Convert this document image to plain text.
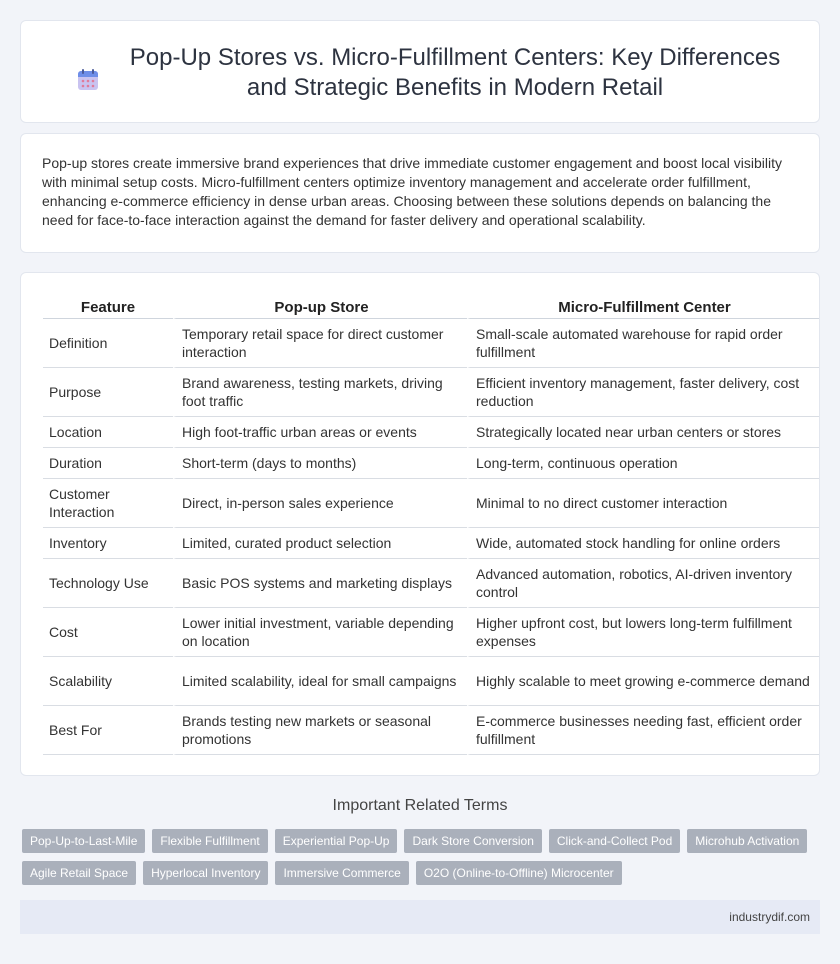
Pop-Up Stores vs. Micro-Fulfillment Centers: Key Differences and Strategic Benefits in Modern Retail

Pop-up stores create immersive brand experiences that drive immediate customer engagement and boost local visibility with minimal setup costs. Micro-fulfillment centers optimize inventory management and accelerate order fulfillment, enhancing e-commerce efficiency in dense urban areas. Choosing between these solutions depends on balancing the need for face-to-face interaction against the demand for faster delivery and operational scalability.

Feature	Pop-up Store	Micro-Fulfillment Center
Definition	Temporary retail space for direct customer interaction	Small-scale automated warehouse for rapid order fulfillment
Purpose	Brand awareness, testing markets, driving foot traffic	Efficient inventory management, faster delivery, cost reduction
Location	High foot-traffic urban areas or events	Strategically located near urban centers or stores
Duration	Short-term (days to months)	Long-term, continuous operation
Customer Interaction	Direct, in-person sales experience	Minimal to no direct customer interaction
Inventory	Limited, curated product selection	Wide, automated stock handling for online orders
Technology Use	Basic POS systems and marketing displays	Advanced automation, robotics, AI-driven inventory control
Cost	Lower initial investment, variable depending on location	Higher upfront cost, but lowers long-term fulfillment expenses
Scalability	Limited scalability, ideal for small campaigns	Highly scalable to meet growing e-commerce demand
Best For	Brands testing new markets or seasonal promotions	E-commerce businesses needing fast, efficient order fulfillment
Important Related Terms
Pop-Up-to-Last-Mile	Flexible Fulfillment	Experiential Pop-Up	Dark Store Conversion	Click-and-Collect Pod	Microhub Activation
Agile Retail Space	Hyperlocal Inventory	Immersive Commerce	O2O (Online-to-Offline) Microcenter
industrydif.com
